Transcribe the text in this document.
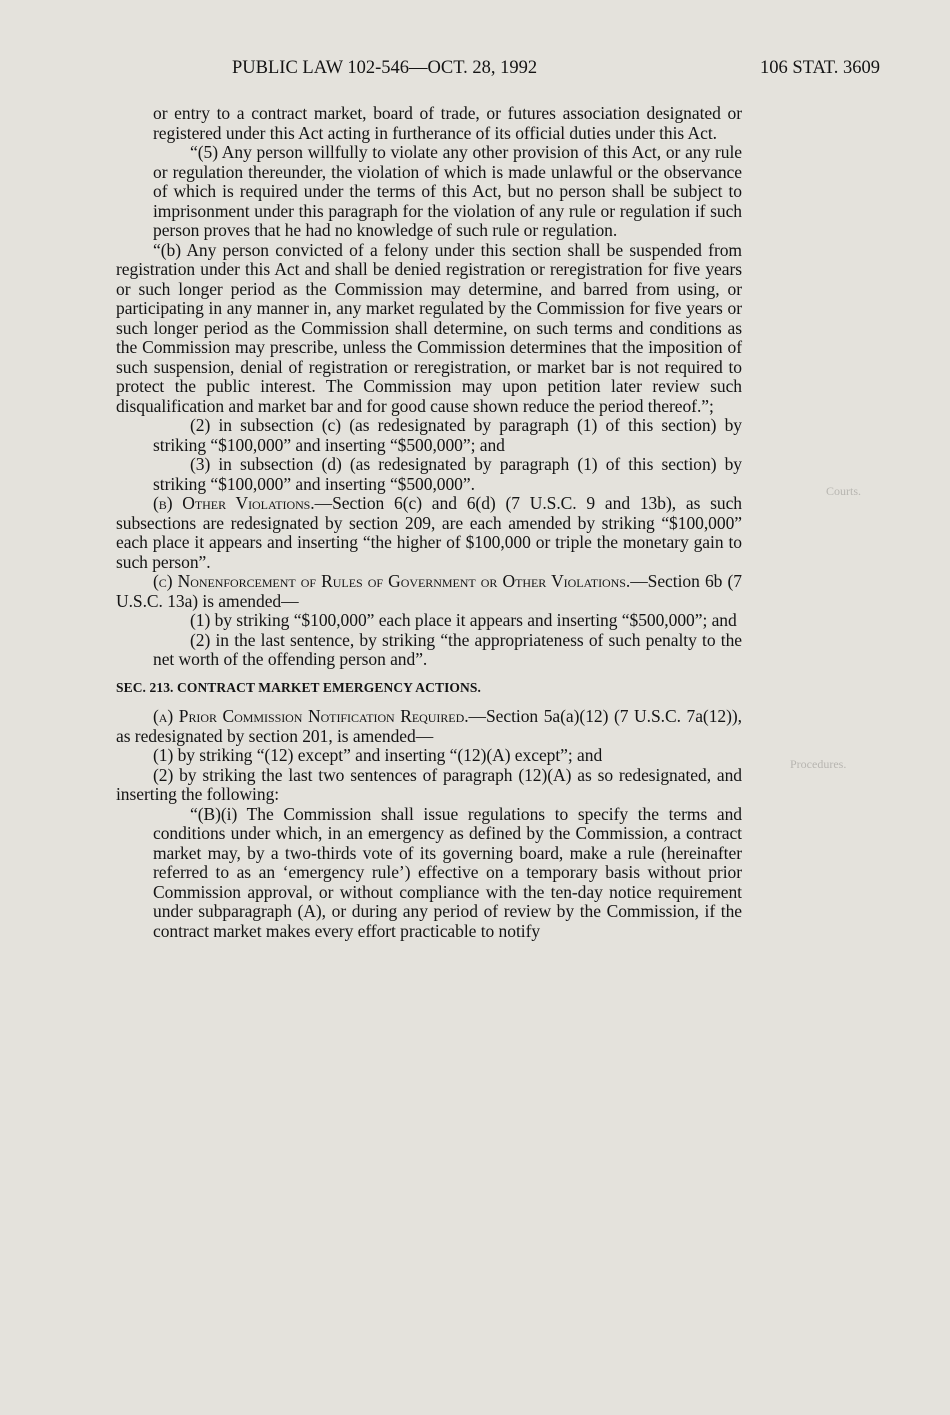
PUBLIC LAW 102-546—OCT. 28, 1992	106 STAT. 3609
Courts.
Procedures.

or entry to a contract market, board of trade, or futures association designated or registered under this Act acting in furtherance of its official duties under this Act.

“(5) Any person willfully to violate any other provision of this Act, or any rule or regulation thereunder, the violation of which is made unlawful or the observance of which is required under the terms of this Act, but no person shall be subject to imprisonment under this paragraph for the violation of any rule or regulation if such person proves that he had no knowledge of such rule or regulation.

“(b) Any person convicted of a felony under this section shall be suspended from registration under this Act and shall be denied registration or reregistration for five years or such longer period as the Commission may determine, and barred from using, or participating in any manner in, any market regulated by the Commission for five years or such longer period as the Commission shall determine, on such terms and conditions as the Commission may prescribe, unless the Commission determines that the imposition of such suspension, denial of registration or reregistration, or market bar is not required to protect the public interest. The Commission may upon petition later review such disqualification and market bar and for good cause shown reduce the period thereof.”;

(2) in subsection (c) (as redesignated by paragraph (1) of this section) by striking “$100,000” and inserting “$500,000”; and

(3) in subsection (d) (as redesignated by paragraph (1) of this section) by striking “$100,000” and inserting “$500,000”.

(b) Other Violations.—Section 6(c) and 6(d) (7 U.S.C. 9 and 13b), as such subsections are redesignated by section 209, are each amended by striking “$100,000” each place it appears and inserting “the higher of $100,000 or triple the monetary gain to such person”.

(c) Nonenforcement of Rules of Government or Other Violations.—Section 6b (7 U.S.C. 13a) is amended—

(1) by striking “$100,000” each place it appears and inserting “$500,000”; and

(2) in the last sentence, by striking “the appropriateness of such penalty to the net worth of the offending person and”.

SEC. 213. CONTRACT MARKET EMERGENCY ACTIONS.

(a) Prior Commission Notification Required.—Section 5a(a)(12) (7 U.S.C. 7a(12)), as redesignated by section 201, is amended—

(1) by striking “(12) except” and inserting “(12)(A) except”; and

(2) by striking the last two sentences of paragraph (12)(A) as so redesignated, and inserting the following:

“(B)(i) The Commission shall issue regulations to specify the terms and conditions under which, in an emergency as defined by the Commission, a contract market may, by a two-thirds vote of its governing board, make a rule (hereinafter referred to as an ‘emergency rule’) effective on a temporary basis without prior Commission approval, or without compliance with the ten-day notice requirement under subparagraph (A), or during any period of review by the Commission, if the contract market makes every effort practicable to notify
